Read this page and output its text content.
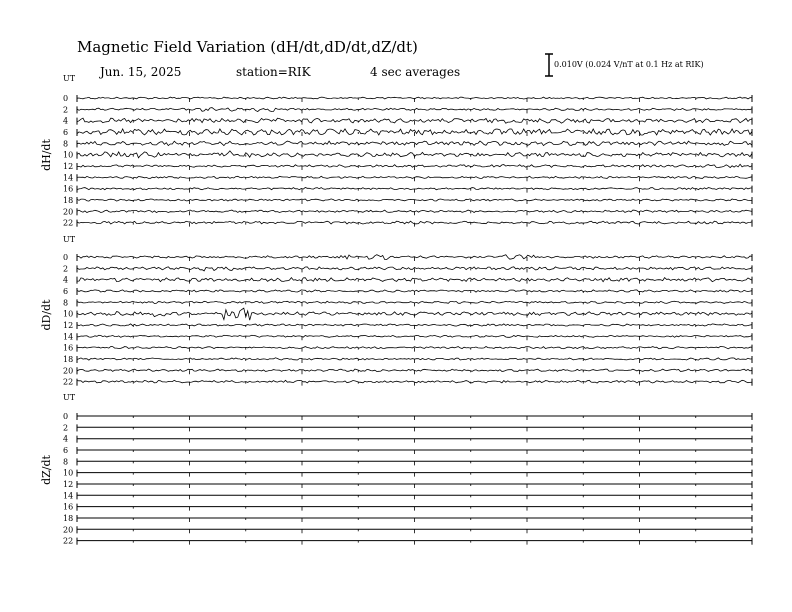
Magnetic Field Variation (dH/dt,dD/dt,dZ/dt)
Jun. 15, 2025	station=RIK	4 sec averages
0.010V (0.024 V/nT at 0.1 Hz at RIK)
UT
dH/dt
0
2
4
6
8
10
12
14
16
18
20
22
UT
dD/dt
0
2
4
6
8
10
12
14
16
18
20
22
UT
dZ/dt
0
2
4
6
8
10
12
14
16
18
20
22
